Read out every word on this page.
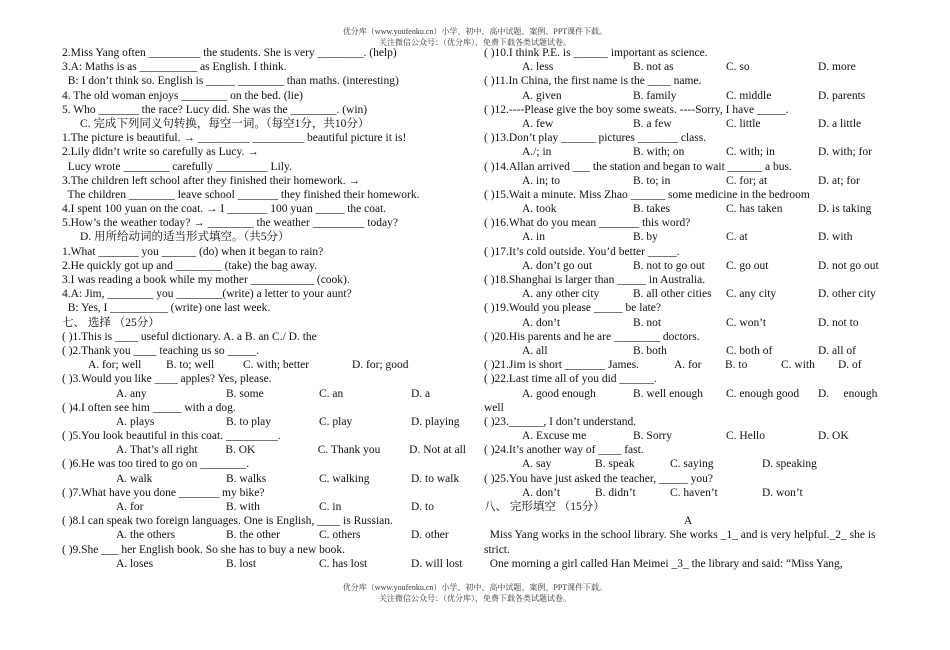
优分库（www.youfenku.cn）小学、初中、高中试题、案例、PPT课件下载。
关注微信公众号：（优分库），免费下载各类试题试卷。
2.Miss Yang often _________ the students. She is very ________. (help)
3.A: Maths is as __________ as English. I think.
B: I don’t think so. English is _____ ________ than maths. (interesting)
4. The old woman enjoys ________ on the bed. (lie)
5. Who _______ the race? Lucy did. She was the ________. (win)
C. 完成下列同义句转换，每空一词。（每空1分，共10分）
1.The picture is beautiful. → _________ _________ beautiful picture it is!
2.Lily didn’t write so carefully as Lucy. →
Lucy wrote ________ carefully _________ Lily.
3.The children left school after they finished their homework. →
The children ________ leave school _______ they finished their homework.
4.I spent 100 yuan on the coat. → I _______ 100 yuan _____ the coat.
5.How’s the weather today? → ________ the weather _________ today?
D. 用所给动词的适当形式填空。（共5分）
1.What _______ you ______ (do) when it began to rain?
2.He quickly got up and ________ (take) the bag away.
3.I was reading a book while my mother ___________ (cook).
4.A: Jim, ________ you ________(write) a letter to your aunt?
B: Yes, I __________ (write) one last week.
七、 选择 （25分）
( )1.This is ____ useful dictionary. A. a B. an C./ D. the
( )2.Thank you ____ teaching us so _____.
A. for; well	B. to; well	C. with; better	D. for; good
( )3.Would you like ____ apples? Yes, please.
A. any	B. some	C. an	D. a
( )4.I often see him _____ with a dog.
A. plays	B. to play	C. play	D. playing
( )5.You look beautiful in this coat. _________.
A. That’s all right	B. OK	C. Thank you	D. Not at all
( )6.He was too tired to go on ________.
A. walk	B. walks	C. walking	D. to walk
( )7.What have you done _______ my bike?
A. for	B. with	C. in	D. to
( )8.I can speak two foreign languages. One is English, ____ is Russian.
A. the others	B. the other	C. others	D. other
( )9.She ___ her English book. So she has to buy a new book.
A. loses	B. lost	C. has lost	D. will lost
( )10.I think P.E. is ______ important as science.
A. less	B. not as	C. so	D. more
( )11.In China, the first name is the ____ name.
A. given	B. family	C. middle	D. parents
( )12.----Please give the boy some sweats. ----Sorry, I have _____.
A. few	B. a few	C. little	D. a little
( )13.Don’t play ______ pictures _______ class.
A./; in	B. with; on	C. with; in	D. with; for
( )14.Allan arrived ___ the station and began to wait ______ a bus.
A. in; to	B. to; in	C. for; at	D. at; for
( )15.Wait a minute. Miss Zhao ______ some medicine in the bedroom
A. took	B. takes	C. has taken	D. is taking
( )16.What do you mean _______ this word?
A. in	B. by	C. at	D. with
( )17.It’s cold outside. You’d better _____.
A. don’t go out	B. not to go out	C. go out	D. not go out
( )18.Shanghai is larger than _____ in Australia.
A. any other city	B. all other cities	C. any city	D. other city
( )19.Would you please _____ be late?
A. don’t	B. not	C. won’t	D. not to
( )20.His parents and he are ________ doctors.
A. all	B. both	C. both of	D. all of
( )21.Jim is short _______ James.	A. for	B. to	C. with	D. of
( )22.Last time all of you did ______.
A. good enough	B. well enough	C. enough good	D.     enough
well
( )23.______, I don’t understand.
A. Excuse me	B. Sorry	C. Hello	D. OK
( )24.It’s another way of ____ fast.
A. say	B. speak	C. saying	D. speaking
( )25.You have just asked the teacher, _____ you?
A. don’t	B. didn’t	C. haven’t	D. won’t
八、 完形填空 （15分）
A
Miss Yang works in the school library. She works _1_ and is very helpful._2_ she is strict.
One morning a girl called Han Meimei _3_ the library and said: “Miss Yang,
优分库（www.youfenku.cn）小学、初中、高中试题、案例、PPT课件下载。
关注微信公众号：（优分库），免费下载各类试题试卷。
